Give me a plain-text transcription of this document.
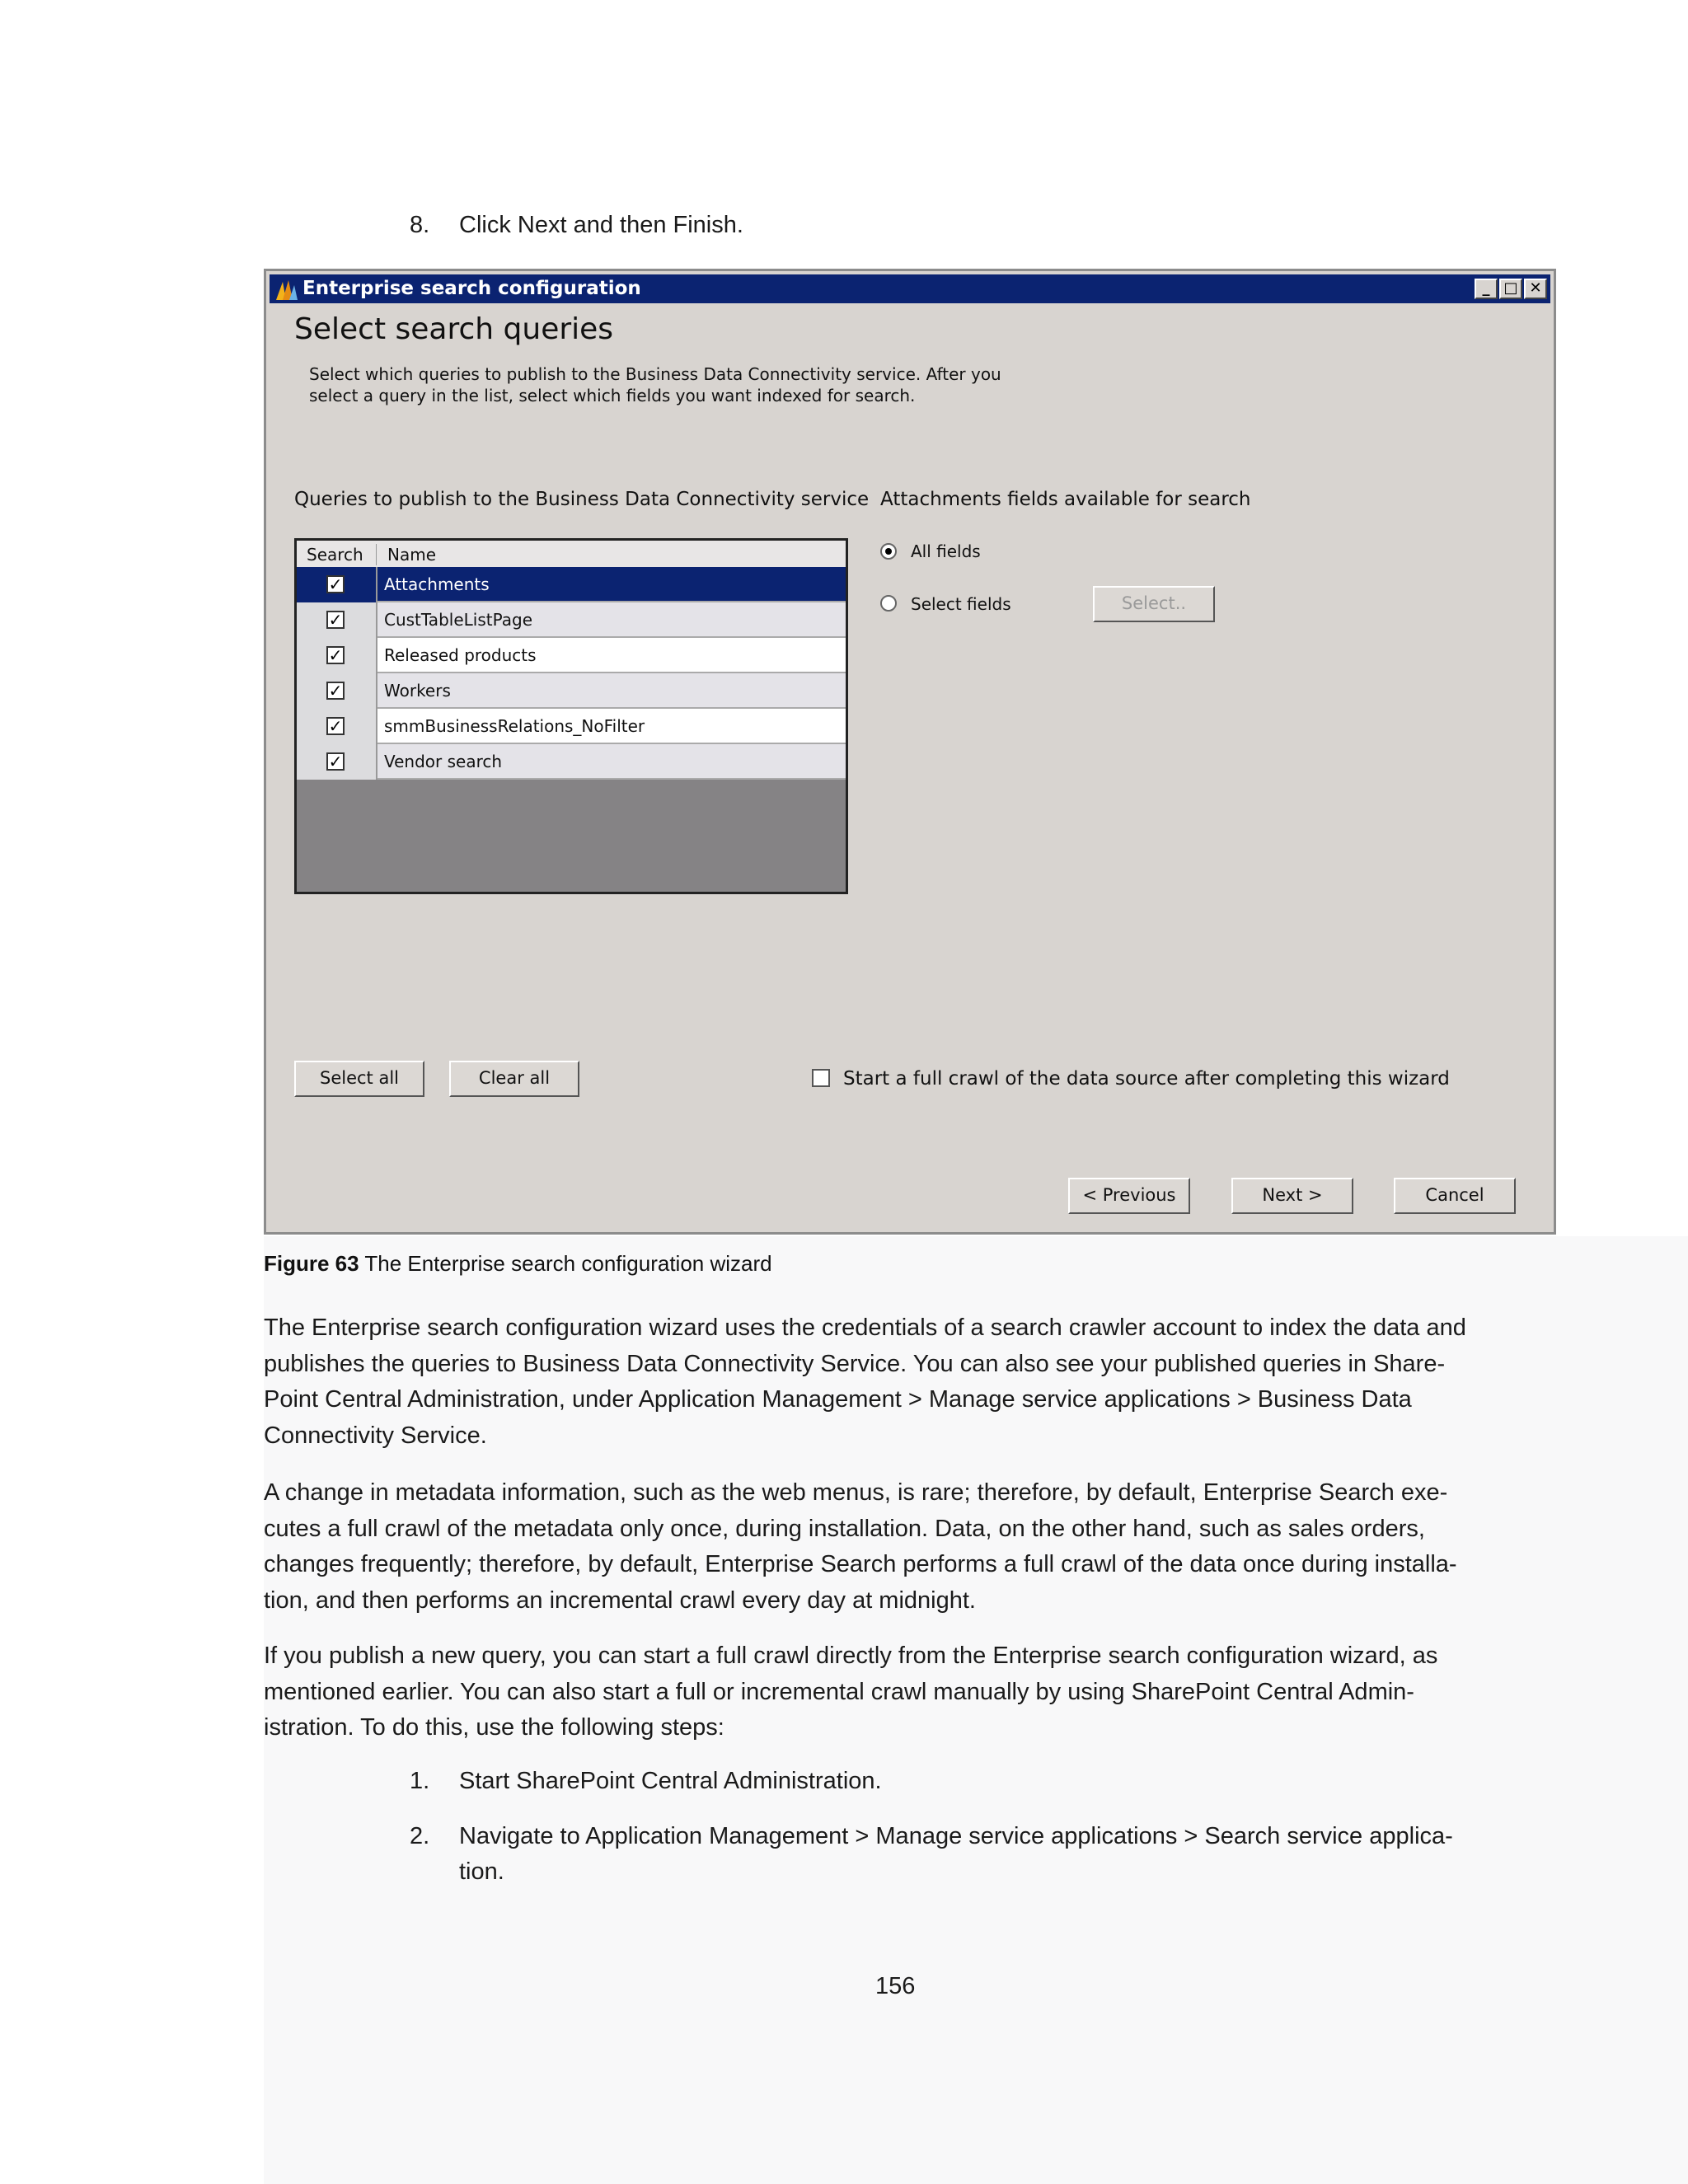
8. Click Next and then Finish.
Enterprise search configuration	_ □ ✕
Select search queries
Select which queries to publish to the Business Data Connectivity service. After you select a query in the list, select which fields you want indexed for search.
Queries to publish to the Business Data Connectivity service Attachments fields available for search
Search Name
✓	Attachments
✓	CustTableListPage
✓	Released products
✓	Workers
✓	smmBusinessRelations_NoFilter
✓	Vendor search
All fields
Select fields	Select..
Select all	Clear all	Start a full crawl of the data source after completing this wizard
< Previous	Next >	Cancel
Figure 63 The Enterprise search configuration wizard

The Enterprise search configuration wizard uses the credentials of a search crawler account to index the data and publishes the queries to Business Data Connectivity Service. You can also see your published queries in Share-Point Central Administration, under Application Management > Manage service applications > Business Data Connectivity Service.

A change in metadata information, such as the web menus, is rare; therefore, by default, Enterprise Search exe-cutes a full crawl of the metadata only once, during installation. Data, on the other hand, such as sales orders, changes frequently; therefore, by default, Enterprise Search performs a full crawl of the data once during installa-tion, and then performs an incremental crawl every day at midnight.

If you publish a new query, you can start a full crawl directly from the Enterprise search configuration wizard, as mentioned earlier. You can also start a full or incremental crawl manually by using SharePoint Central Admin-istration. To do this, use the following steps:

1. Start SharePoint Central Administration.
2. Navigate to Application Management > Manage service applications > Search service applica-tion.
156
